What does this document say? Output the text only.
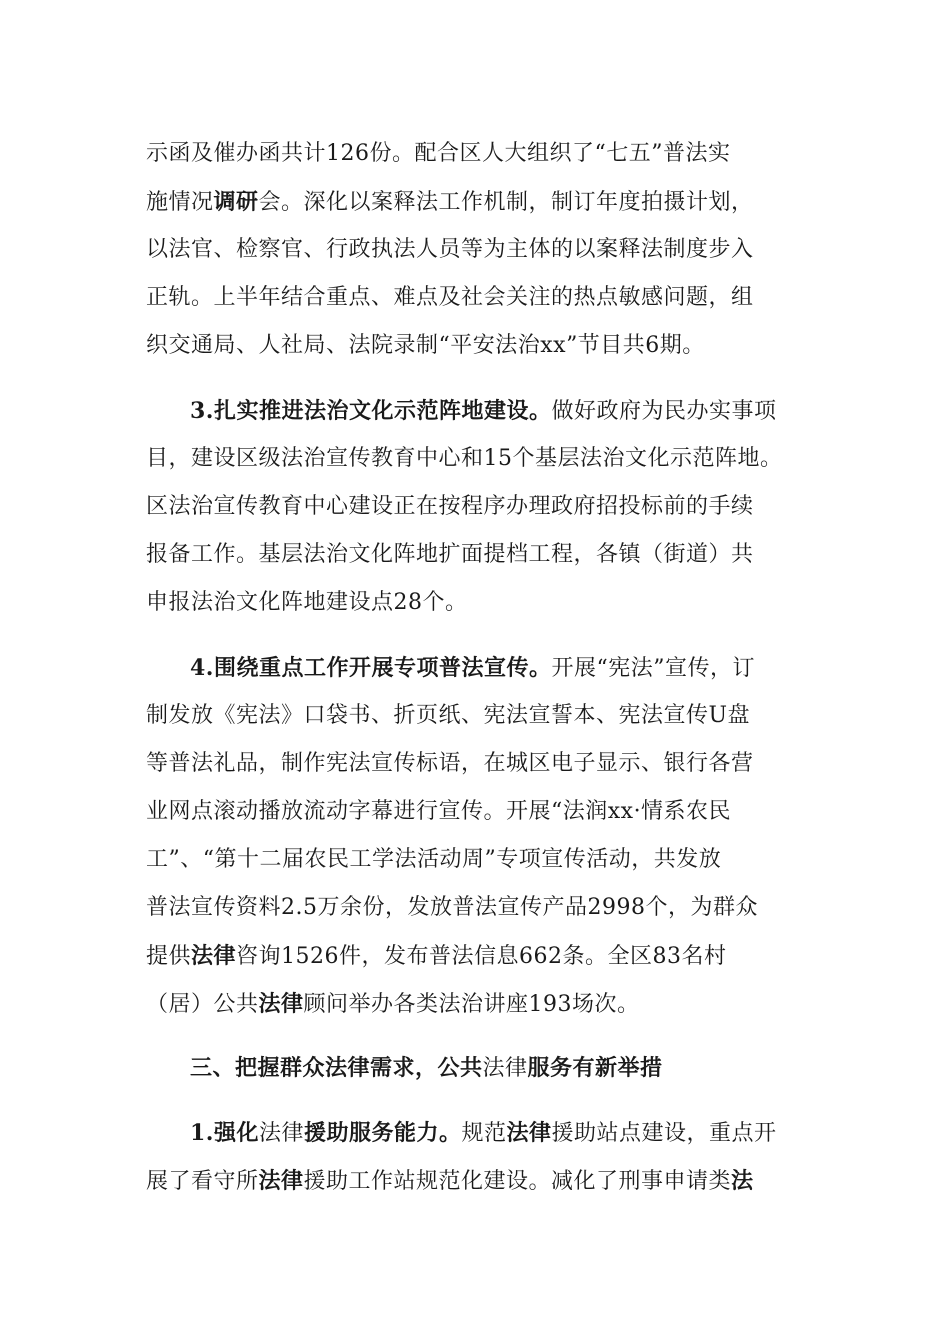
示函及催办函共计126份。配合区人大组织了“七五”普法实
施情况调研会。深化以案释法工作机制，制订年度拍摄计划，
以法官、检察官、行政执法人员等为主体的以案释法制度步入
正轨。上半年结合重点、难点及社会关注的热点敏感问题，组
织交通局、人社局、法院录制“平安法治xx”节目共6期。
3.扎实推进法治文化示范阵地建设。做好政府为民办实事项
目，建设区级法治宣传教育中心和15个基层法治文化示范阵地。
区法治宣传教育中心建设正在按程序办理政府招投标前的手续
报备工作。基层法治文化阵地扩面提档工程，各镇（街道）共
申报法治文化阵地建设点28个。
4.围绕重点工作开展专项普法宣传。开展“宪法”宣传，订
制发放《宪法》口袋书、折页纸、宪法宣誓本、宪法宣传U盘
等普法礼品，制作宪法宣传标语，在城区电子显示、银行各营
业网点滚动播放流动字幕进行宣传。开展“法润xx·情系农民
工”、“第十二届农民工学法活动周”专项宣传活动，共发放
普法宣传资料2.5万余份，发放普法宣传产品2998个，为群众
提供法律咨询1526件，发布普法信息662条。全区83名村
（居）公共法律顾问举办各类法治讲座193场次。
三、把握群众法律需求，公共法律服务有新举措
1.强化法律援助服务能力。规范法律援助站点建设，重点开
展了看守所法律援助工作站规范化建设。减化了刑事申请类法
